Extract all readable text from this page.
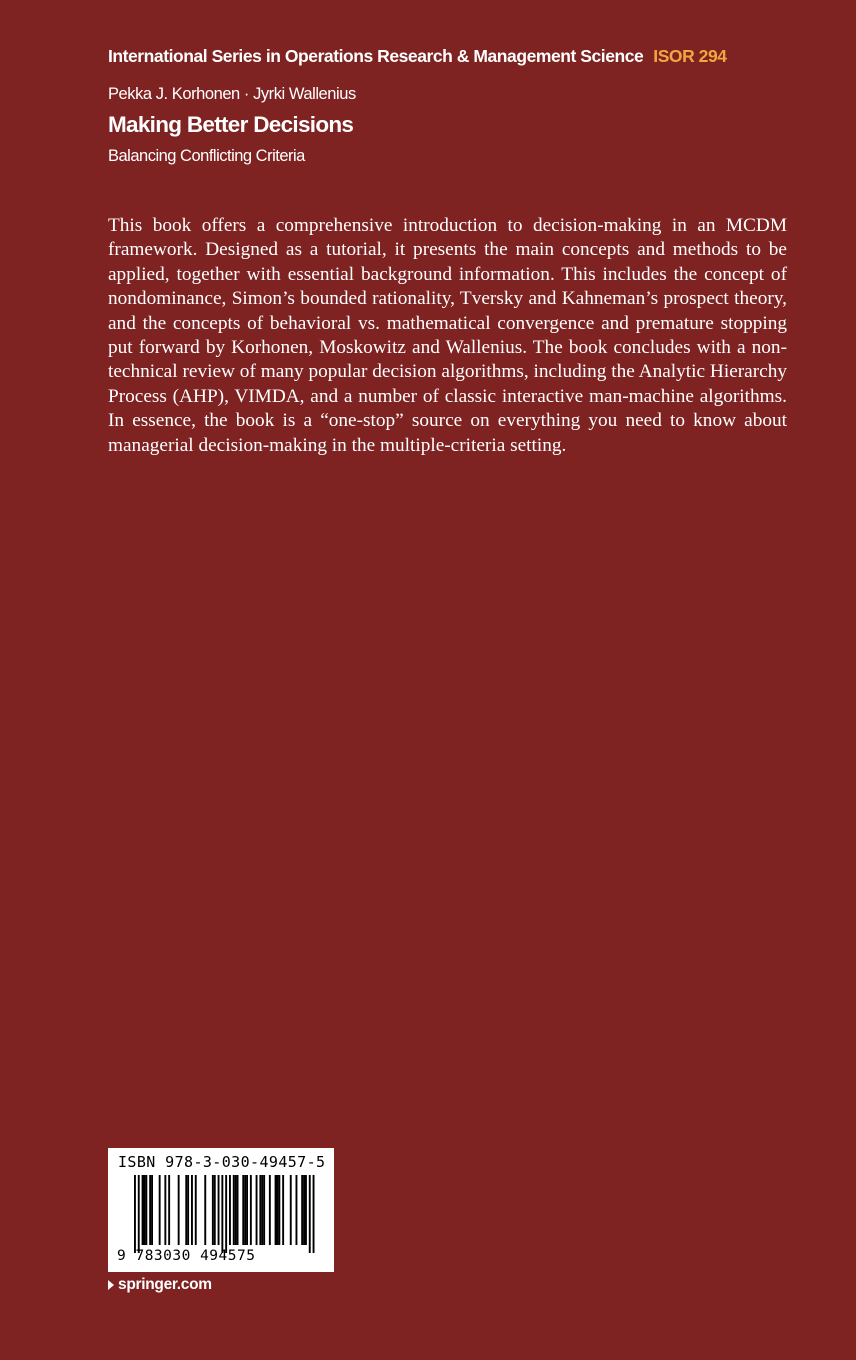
International Series in Operations Research & Management Science ISOR 294
Pekka J. Korhonen · Jyrki Wallenius
Making Better Decisions
Balancing Conflicting Criteria

This book offers a comprehensive introduction to decision-making in an MCDM framework. Designed as a tutorial, it presents the main concepts and methods to be applied, together with essential background information. This includes the concept of nondominance, Simon’s bounded rationality, Tversky and Kahneman’s prospect theory, and the concepts of behavioral vs. mathematical convergence and premature stopping put forward by Korhonen, Moskowitz and Wallenius. The book concludes with a non-technical review of many popular decision algorithms, including the Analytic Hierarchy Process (AHP), VIMDA, and a number of classic interactive man-machine algorithms. In essence, the book is a “one-stop” source on everything you need to know about managerial decision-making in the multiple-criteria setting.

ISBN 978-3-030-49457-5
9 783030 494575
springer.com
